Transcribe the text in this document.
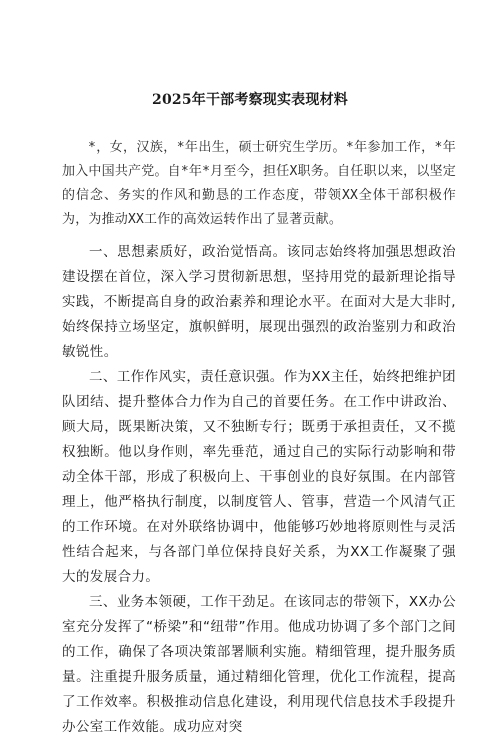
2025年干部考察现实表现材料

*，女，汉族，*年出生，硕士研究生学历。*年参加工作，*年加入中国共产党。自*年*月至今，担任X职务。自任职以来，以坚定的信念、务实的作风和勤恳的工作态度，带领XX全体干部积极作为，为推动XX工作的高效运转作出了显著贡献。

一、思想素质好，政治觉悟高。该同志始终将加强思想政治建设摆在首位，深入学习贯彻新思想，坚持用党的最新理论指导实践，不断提高自身的政治素养和理论水平。在面对大是大非时,始终保持立场坚定，旗帜鲜明，展现出强烈的政治鉴别力和政治敏锐性。

二、工作作风实，责任意识强。作为XX主任，始终把维护团队团结、提升整体合力作为自己的首要任务。在工作中讲政治、顾大局，既果断决策，又不独断专行；既勇于承担责任，又不揽权独断。他以身作则，率先垂范，通过自己的实际行动影响和带动全体干部，形成了积极向上、干事创业的良好氛围。在内部管理上，他严格执行制度，以制度管人、管事，营造一个风清气正的工作环境。在对外联络协调中，他能够巧妙地将原则性与灵活性结合起来，与各部门单位保持良好关系，为XX工作凝聚了强大的发展合力。

三、业务本领硬，工作干劲足。在该同志的带领下，XX办公室充分发挥了“桥梁”和“纽带”作用。他成功协调了多个部门之间的工作，确保了各项决策部署顺利实施。精细管理，提升服务质量。注重提升服务质量，通过精细化管理，优化工作流程，提高了工作效率。积极推动信息化建设，利用现代信息技术手段提升办公室工作效能。成功应对突
